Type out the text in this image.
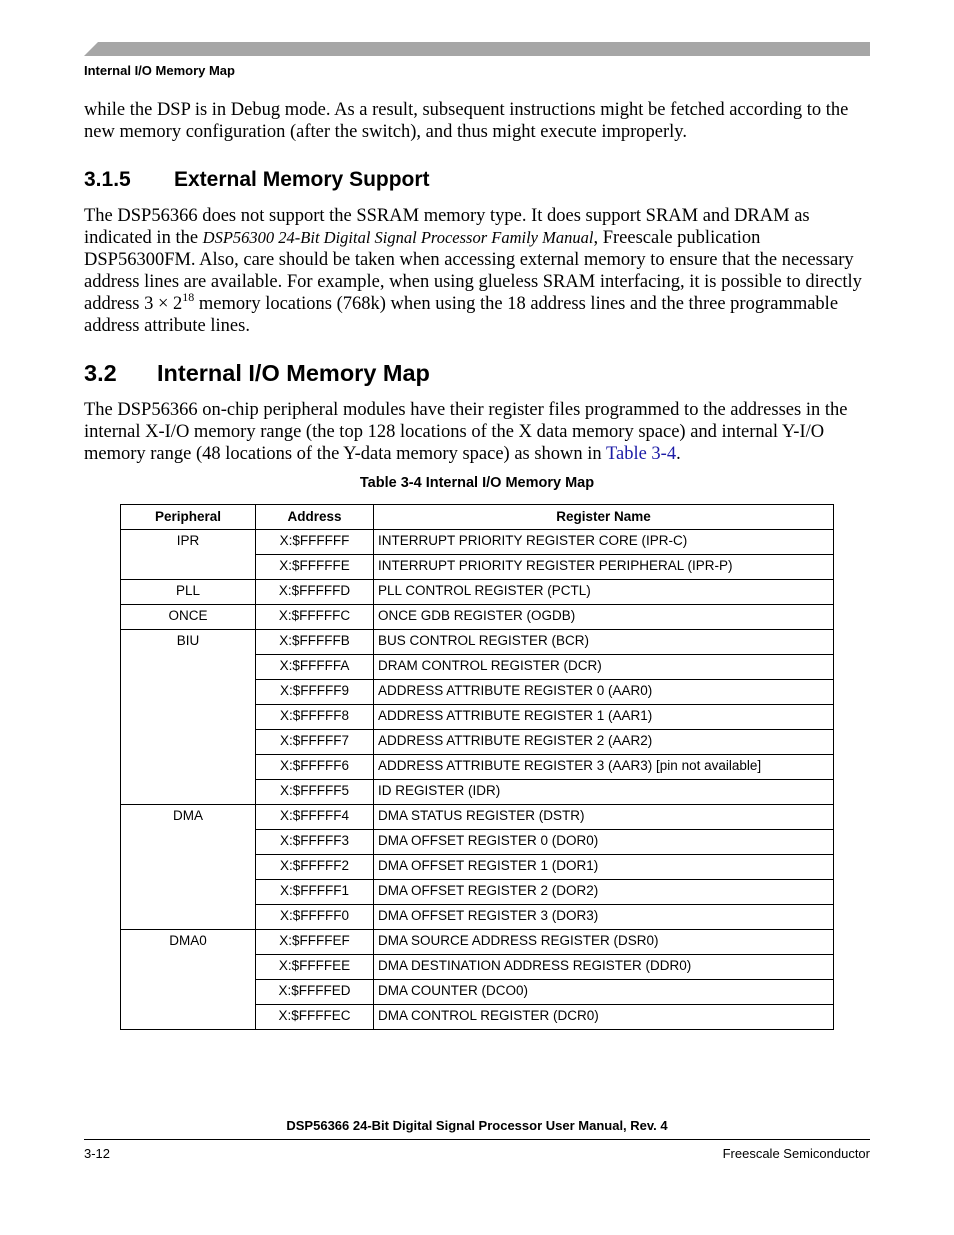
Internal I/O Memory Map
while the DSP is in Debug mode. As a result, subsequent instructions might be fetched according to the new memory configuration (after the switch), and thus might execute improperly.
3.1.5 External Memory Support
The DSP56366 does not support the SSRAM memory type. It does support SRAM and DRAM as indicated in the DSP56300 24-Bit Digital Signal Processor Family Manual, Freescale publication DSP56300FM. Also, care should be taken when accessing external memory to ensure that the necessary address lines are available. For example, when using glueless SRAM interfacing, it is possible to directly address $3 \times 2^{18}$ memory locations (768k) when using the 18 address lines and the three programmable address attribute lines.
3.2 Internal I/O Memory Map
The DSP56366 on-chip peripheral modules have their register files programmed to the addresses in the internal X-I/O memory range (the top 128 locations of the X data memory space) and internal Y-I/O memory range (48 locations of the Y-data memory space) as shown in Table 3-4.
Table 3-4 Internal I/O Memory Map
Peripheral	Address	Register Name
IPR	X:$FFFFFF	INTERRUPT PRIORITY REGISTER CORE (IPR-C)
	X:$FFFFFE	INTERRUPT PRIORITY REGISTER PERIPHERAL (IPR-P)
PLL	X:$FFFFFD	PLL CONTROL REGISTER (PCTL)
ONCE	X:$FFFFFC	ONCE GDB REGISTER (OGDB)
BIU	X:$FFFFFB	BUS CONTROL REGISTER (BCR)
	X:$FFFFFA	DRAM CONTROL REGISTER (DCR)
	X:$FFFFF9	ADDRESS ATTRIBUTE REGISTER 0 (AAR0)
	X:$FFFFF8	ADDRESS ATTRIBUTE REGISTER 1 (AAR1)
	X:$FFFFF7	ADDRESS ATTRIBUTE REGISTER 2 (AAR2)
	X:$FFFFF6	ADDRESS ATTRIBUTE REGISTER 3 (AAR3) [pin not available]
	X:$FFFFF5	ID REGISTER (IDR)
DMA	X:$FFFFF4	DMA STATUS REGISTER (DSTR)
	X:$FFFFF3	DMA OFFSET REGISTER 0 (DOR0)
	X:$FFFFF2	DMA OFFSET REGISTER 1 (DOR1)
	X:$FFFFF1	DMA OFFSET REGISTER 2 (DOR2)
	X:$FFFFF0	DMA OFFSET REGISTER 3 (DOR3)
DMA0	X:$FFFFEF	DMA SOURCE ADDRESS REGISTER (DSR0)
	X:$FFFFEE	DMA DESTINATION ADDRESS REGISTER (DDR0)
	X:$FFFFED	DMA COUNTER (DCO0)
	X:$FFFFEC	DMA CONTROL REGISTER (DCR0)
DSP56366 24-Bit Digital Signal Processor User Manual, Rev. 4
3-12	Freescale Semiconductor
